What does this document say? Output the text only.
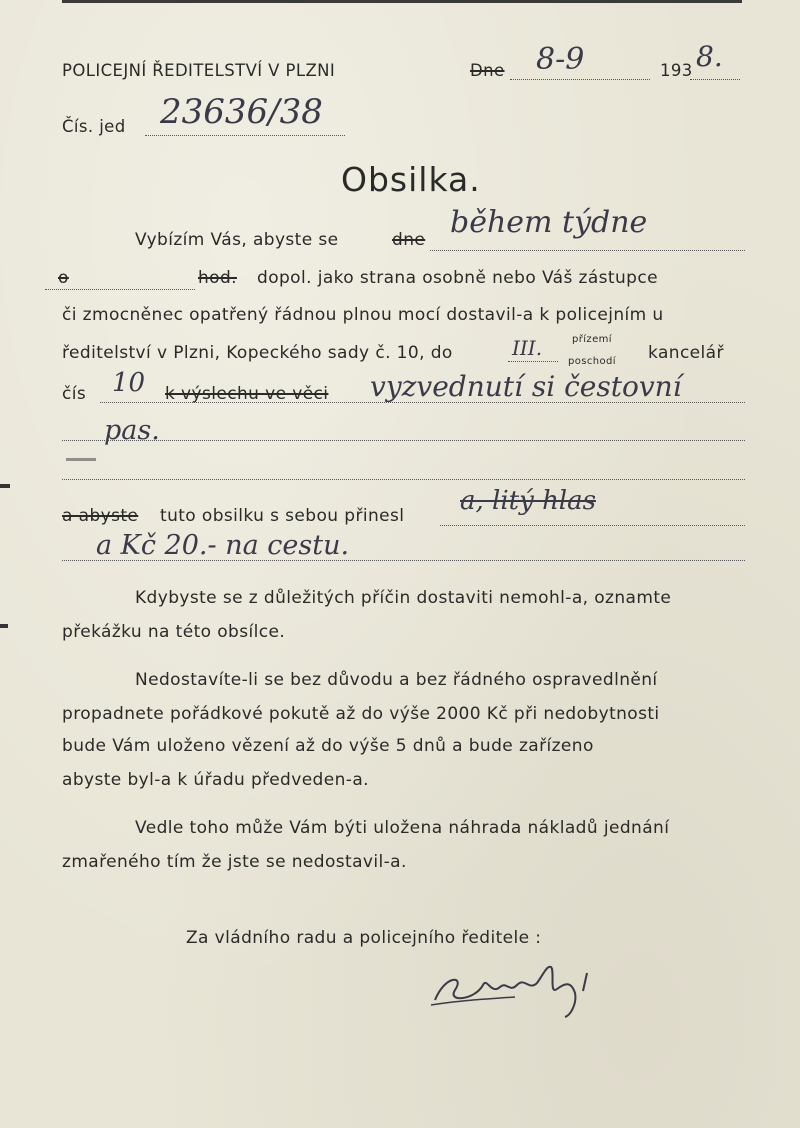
POLICEJNÍ ŘEDITELSTVÍ V PLZNI	Dne 8-9	193 8.
Čís. jed 23636/38
Obsilka.
Vybízím Vás, abyste se	dne během týdne
o	hod. dopol. jako strana osobně nebo Váš zástupce
či zmocněnec opatřený řádnou plnou mocí dostavil-a k policejním u
ředitelství v Plzni, Kopeckého sady č. 10, do	III.	přízemí
poschodí kancelář
čís 10 k výslechu ve věci vyzvednutí si čestovní
pas.
a abyste tuto obsilku s sebou přinesl a, litý hlas
a Kč 20.- na cestu.
Kdybyste se z důležitých příčin dostaviti nemohl-a, oznamte
překážku na této obsílce.
Nedostavíte-li se bez důvodu a bez řádného ospravedlnění
propadnete pořádkové pokutě až do výše 2000 Kč při nedobytnosti
bude Vám uloženo vězení až do výše 5 dnů a bude zařízeno
abyste byl-a k úřadu předveden-a.
Vedle toho může Vám býti uložena náhrada nákladů jednání
zmařeného tím že jste se nedostavil-a.
Za vládního radu a policejního ředitele :
